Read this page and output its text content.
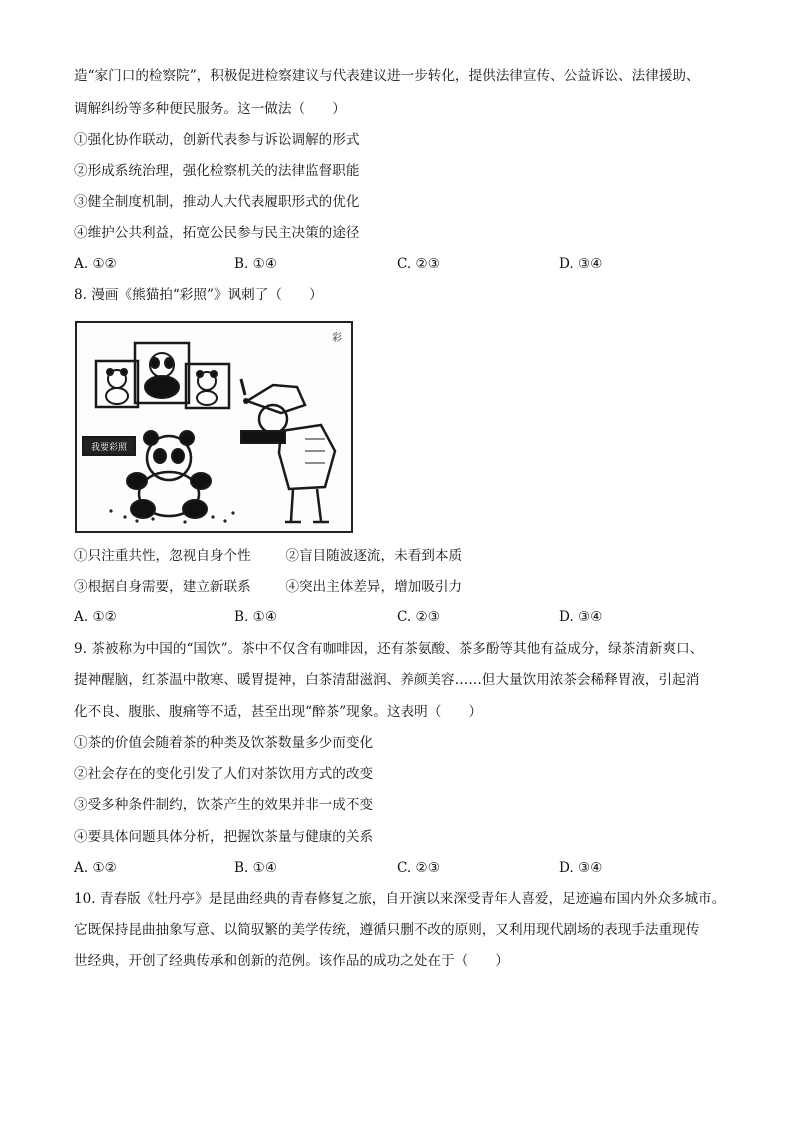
造“家门口的检察院”，积极促进检察建议与代表建议进一步转化，提供法律宣传、公益诉讼、法律援助、
调解纠纷等多种便民服务。这一做法（　　）
①强化协作联动，创新代表参与诉讼调解的形式
②形成系统治理，强化检察机关的法律监督职能
③健全制度机制，推动人大代表履职形式的优化
④维护公共利益，拓宽公民参与民主决策的途径
A. ①②	B. ①④	C. ②③	D. ③④
8. 漫画《熊猫拍“彩照”》讽刺了（　　）
我要彩照
彩
①只注重共性，忽视自身个性	②盲目随波逐流，未看到本质
③根据自身需要，建立新联系	④突出主体差异，增加吸引力
A. ①②	B. ①④	C. ②③	D. ③④
9. 茶被称为中国的“国饮”。茶中不仅含有咖啡因，还有茶氨酸、茶多酚等其他有益成分，绿茶清新爽口、
提神醒脑，红茶温中散寒、暖胃提神，白茶清甜滋润、养颜美容……但大量饮用浓茶会稀释胃液，引起消
化不良、腹胀、腹痛等不适，甚至出现“醉茶”现象。这表明（　　）
①茶的价值会随着茶的种类及饮茶数量多少而变化
②社会存在的变化引发了人们对茶饮用方式的改变
③受多种条件制约，饮茶产生的效果并非一成不变
④要具体问题具体分析，把握饮茶量与健康的关系
A. ①②	B. ①④	C. ②③	D. ③④
10. 青春版《牡丹亭》是昆曲经典的青春修复之旅，自开演以来深受青年人喜爱，足迹遍布国内外众多城市。
它既保持昆曲抽象写意、以简驭繁的美学传统，遵循只删不改的原则，又利用现代剧场的表现手法重现传
世经典，开创了经典传承和创新的范例。该作品的成功之处在于（　　）
